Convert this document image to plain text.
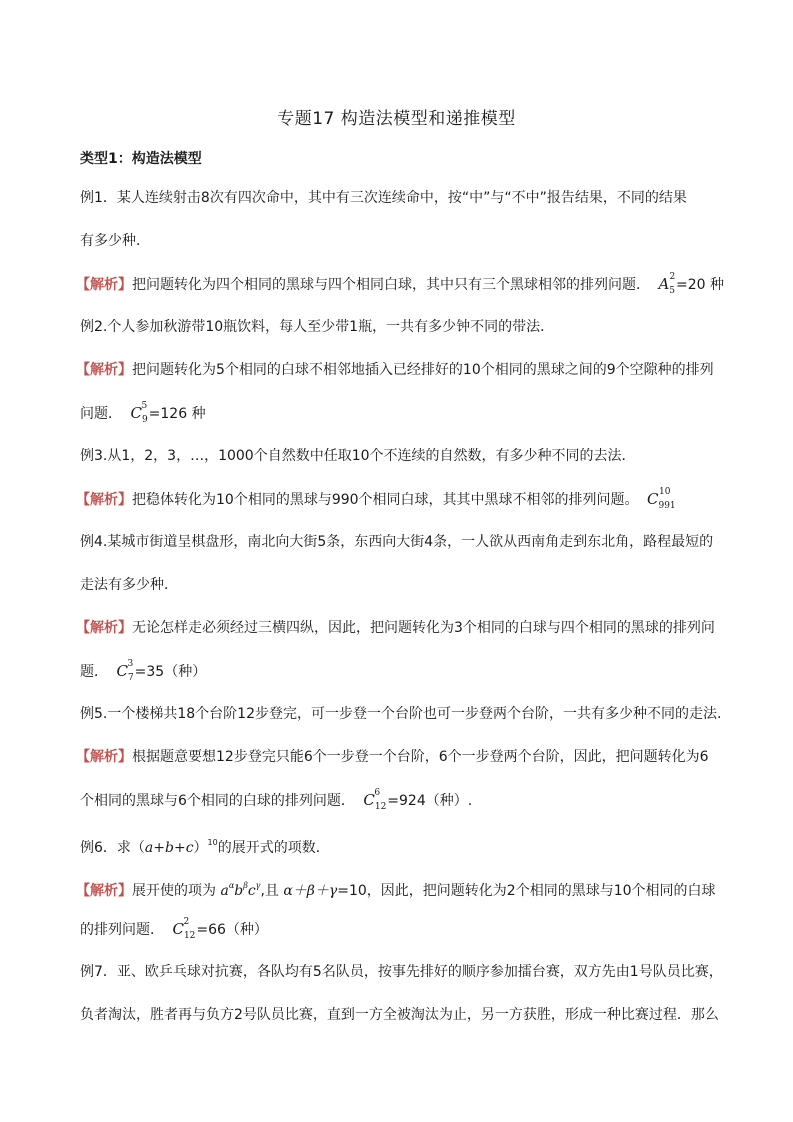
专题17 构造法模型和递推模型
类型1：构造法模型
例1．某人连续射击8次有四次命中，其中有三次连续命中，按“中”与“不中”报告结果，不同的结果
有多少种．
【解析】把问题转化为四个相同的黑球与四个相同白球，其中只有三个黑球相邻的排列问题． A 2
$_5$=20 种
例2.个人参加秋游带10瓶饮料，每人至少带1瓶，一共有多少钟不同的带法．
【解析】把问题转化为5个相同的白球不相邻地插入已经排好的10个相同的黑球之间的9个空隙种的排列
问题． C 5
$_9$=126 种
例3.从1，2，3，…，1000个自然数中任取10个不连续的自然数，有多少种不同的去法．
【解析】把稳体转化为10个相同的黑球与990个相同白球，其其中黑球不相邻的排列问题。 C 10
$_{991}$
例4.某城市街道呈棋盘形，南北向大街5条，东西向大街4条，一人欲从西南角走到东北角，路程最短的
走法有多少种．
【解析】无论怎样走必须经过三横四纵，因此，把问题转化为3个相同的白球与四个相同的黑球的排列问
题． C 3
$_7$=35（种）
例5.一个楼梯共18个台阶12步登完，可一步登一个台阶也可一步登两个台阶，一共有多少种不同的走法．
【解析】根据题意要想12步登完只能6个一步登一个台阶，6个一步登两个台阶，因此，把问题转化为6
个相同的黑球与6个相同的白球的排列问题． C 6
$_{12}$=924（种）.
例6．求$(a+b+c)^{10}$的展开式的项数．
【解析】展开使的项为 $a^\alpha b^\beta c^\gamma$,且 α＋β＋γ=10，因此，把问题转化为2个相同的黑球与10个相同的白球
的排列问题． C 2
$_{12}$=66（种）
例7．亚、欧乒乓球对抗赛，各队均有5名队员，按事先排好的顺序参加擂台赛，双方先由1号队员比赛，
负者淘汰，胜者再与负方2号队员比赛，直到一方全被淘汰为止，另一方获胜，形成一种比赛过程．那么
